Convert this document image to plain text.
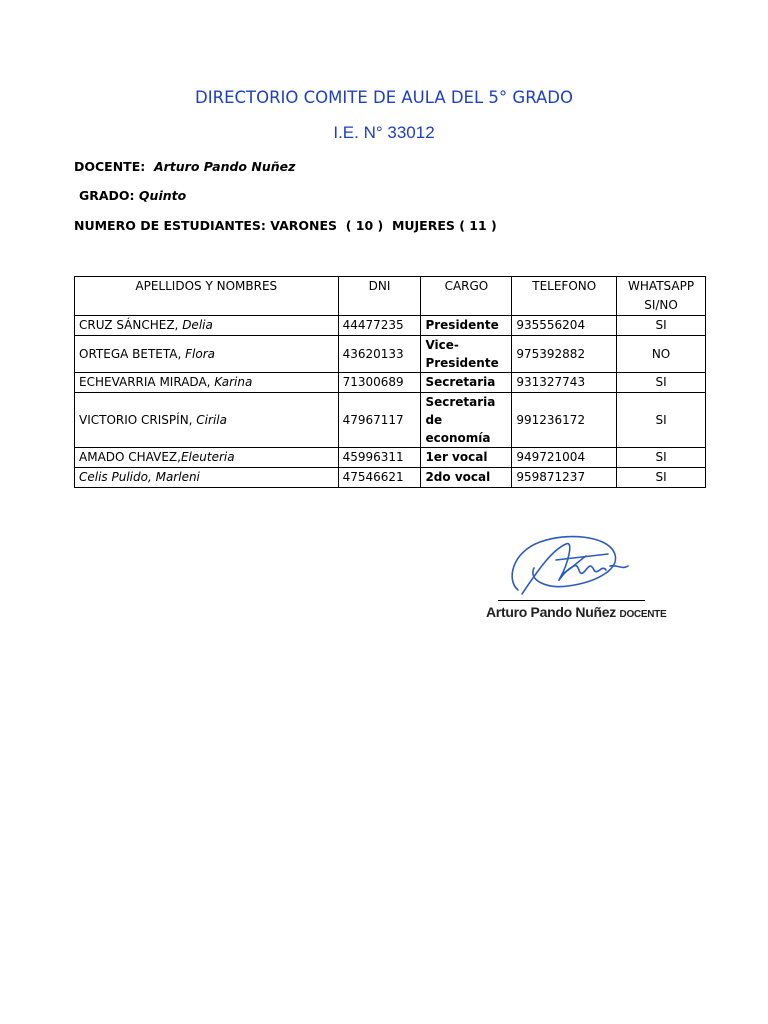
DIRECTORIO COMITE DE AULA DEL 5° GRADO
I.E. N° 33012
DOCENTE: Arturo Pando Nuñez
GRADO: Quinto
NUMERO DE ESTUDIANTES: VARONES  ( 10 )  MUJERES ( 11 )
APELLIDOS Y NOMBRES	DNI	CARGO	TELEFONO	WHATSAPP
SI/NO
CRUZ SÁNCHEZ, Delia	44477235	Presidente	935556204	SI
ORTEGA BETETA, Flora	43620133	Vice-Presidente	975392882	NO
ECHEVARRIA MIRADA, Karina	71300689	Secretaria	931327743	SI
VICTORIO CRISPÍN, Cirila	47967117	Secretaria de economía	991236172	SI
AMADO CHAVEZ,Eleuteria	45996311	1er vocal	949721004	SI
Celis Pulido, Marleni	47546621	2do vocal	959871237	SI
Arturo Pando Nuñez DOCENTE
